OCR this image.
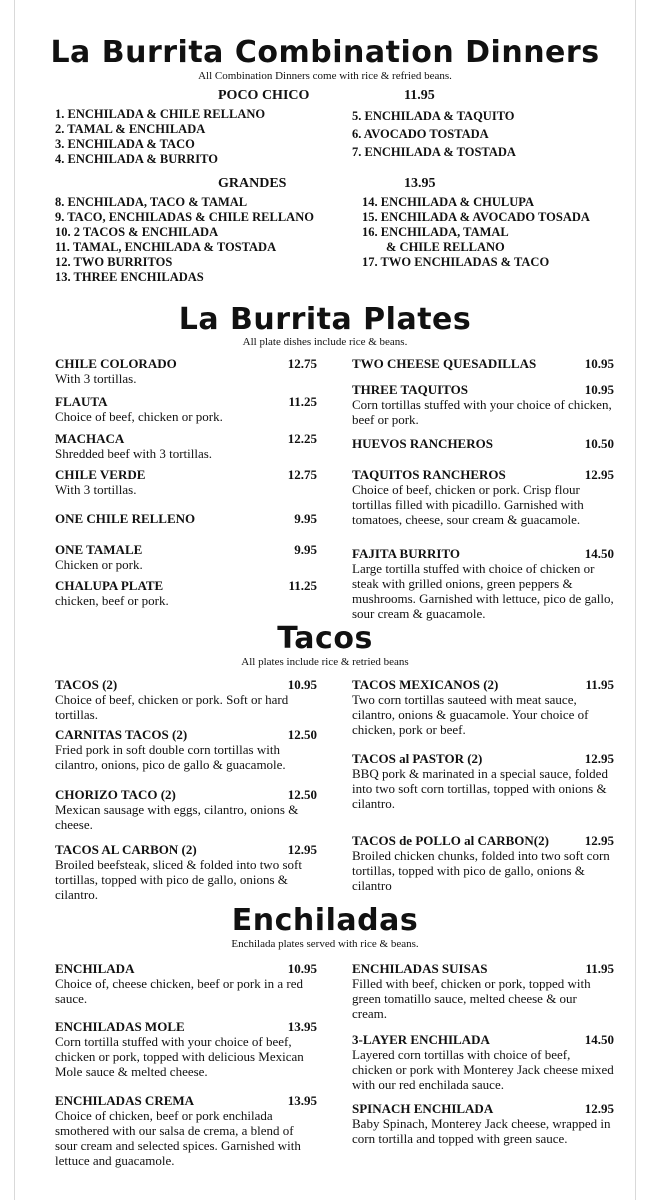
La Burrita Combination Dinners
All Combination Dinners come with rice & refried beans.
POCO CHICO	11.95
1. ENCHILADA & CHILE RELLANO
2. TAMAL & ENCHILADA
3. ENCHILADA & TACO
4. ENCHILADA & BURRITO
5. ENCHILADA & TAQUITO
6. AVOCADO TOSTADA
7. ENCHILADA & TOSTADA
GRANDES	13.95
8. ENCHILADA, TACO & TAMAL
9. TACO, ENCHILADAS & CHILE RELLANO
10. 2 TACOS & ENCHILADA
11. TAMAL, ENCHILADA & TOSTADA
12. TWO BURRITOS
13. THREE ENCHILADAS
14. ENCHILADA & CHULUPA
15. ENCHILADA & AVOCADO TOSADA
16. ENCHILADA, TAMAL
& CHILE RELLANO
17. TWO ENCHILADAS & TACO
La Burrita Plates
All plate dishes include rice & beans.
CHILE COLORADO	12.75
With 3 tortillas.
FLAUTA	11.25
Choice of beef, chicken or pork.
MACHACA	12.25
Shredded beef with 3 tortillas.
CHILE VERDE	12.75
With 3 tortillas.
ONE CHILE RELLENO	9.95
ONE TAMALE	9.95
Chicken or pork.
CHALUPA PLATE	11.25
chicken, beef or pork.
TWO CHEESE QUESADILLAS	10.95
THREE TAQUITOS	10.95
Corn tortillas stuffed with your choice of chicken, beef or pork.
HUEVOS RANCHEROS	10.50
TAQUITOS RANCHEROS	12.95
Choice of beef, chicken or pork. Crisp flour tortillas filled with picadillo. Garnished with tomatoes, cheese, sour cream & guacamole.
FAJITA BURRITO	14.50
Large tortilla stuffed with choice of chicken or steak with grilled onions, green peppers & mushrooms. Garnished with lettuce, pico de gallo, sour cream & guacamole.
Tacos
All plates include rice & retried beans
TACOS (2)	10.95
Choice of beef, chicken or pork. Soft or hard tortillas.
CARNITAS TACOS (2)	12.50
Fried pork in soft double corn tortillas with cilantro, onions, pico de gallo & guacamole.
CHORIZO TACO (2)	12.50
Mexican sausage with eggs, cilantro, onions & cheese.
TACOS AL CARBON (2)	12.95
Broiled beefsteak, sliced & folded into two soft tortillas, topped with pico de gallo, onions & cilantro.
TACOS MEXICANOS (2)	11.95
Two corn tortillas sauteed with meat sauce, cilantro, onions & guacamole. Your choice of chicken, pork or beef.
TACOS al PASTOR (2)	12.95
BBQ pork & marinated in a special sauce, folded into two soft corn tortillas, topped with onions & cilantro.
TACOS de POLLO al CARBON(2)	12.95
Broiled chicken chunks, folded into two soft corn tortillas, topped with pico de gallo, onions & cilantro
Enchiladas
Enchilada plates served with rice & beans.
ENCHILADA	10.95
Choice of, cheese chicken, beef or pork in a red sauce.
ENCHILADAS MOLE	13.95
Corn tortilla stuffed with your choice of beef, chicken or pork, topped with delicious Mexican Mole sauce & melted cheese.
ENCHILADAS CREMA	13.95
Choice of chicken, beef or pork enchilada smothered with our salsa de crema, a blend of sour cream and selected spices. Garnished with lettuce and guacamole.
ENCHILADAS SUISAS	11.95
Filled with beef, chicken or pork, topped with green tomatillo sauce, melted cheese & our cream.
3-LAYER ENCHILADA	14.50
Layered corn tortillas with choice of beef, chicken or pork with Monterey Jack cheese mixed with our red enchilada sauce.
SPINACH ENCHILADA	12.95
Baby Spinach, Monterey Jack cheese, wrapped in corn tortilla and topped with green sauce.
